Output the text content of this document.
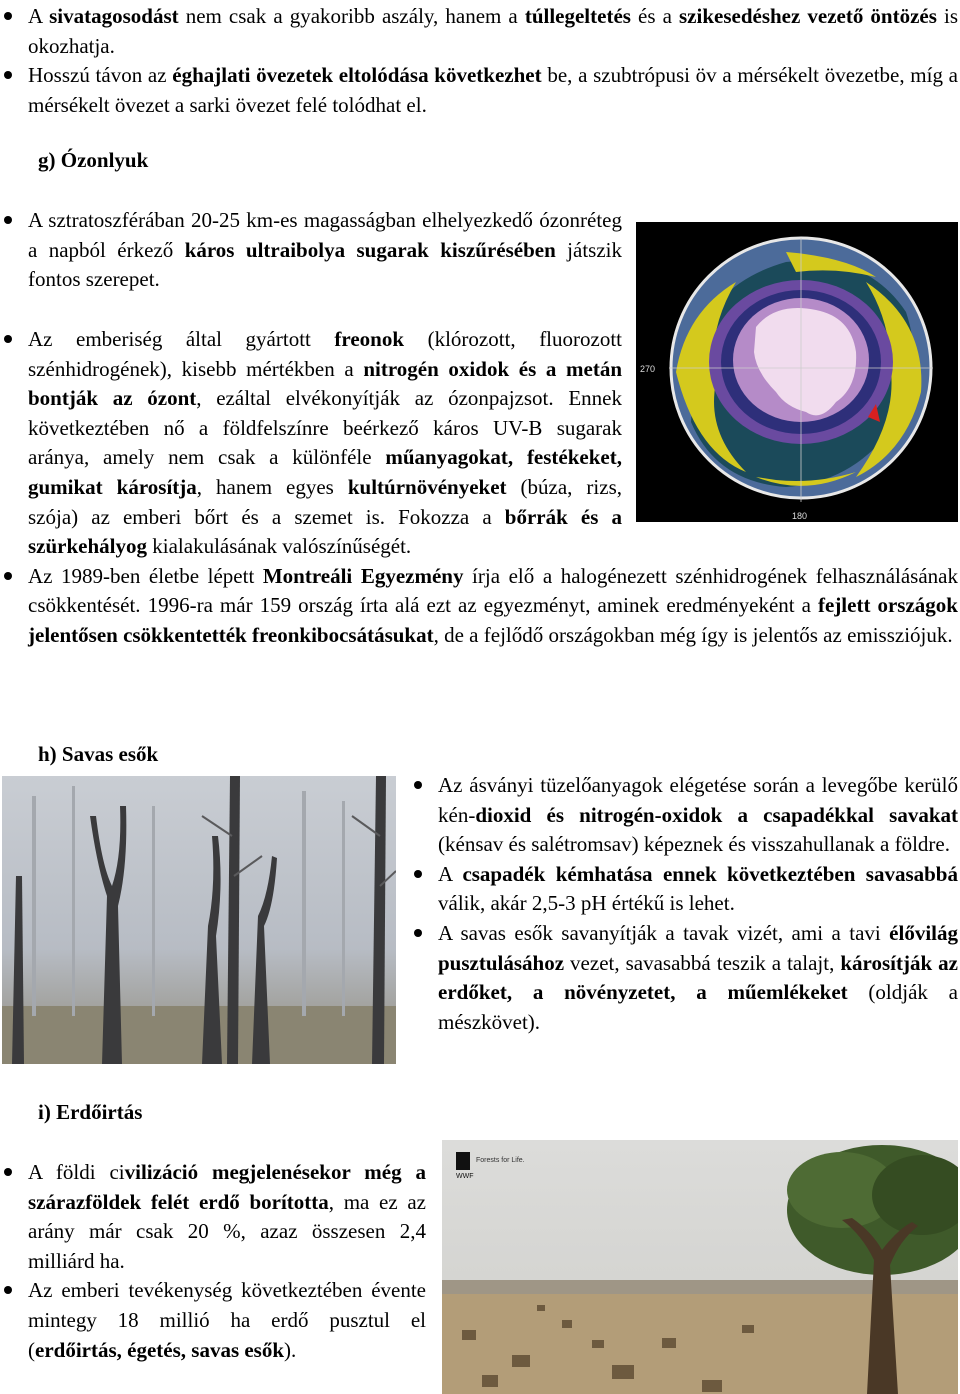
A sivatagosodást nem csak a gyakoribb aszály, hanem a túllegeltetés és a szikesedéshez vezető öntözés is okozhatja.

Hosszú távon az éghajlati övezetek eltolódása következhet be, a szubtrópusi öv a mérsékelt övezetbe, míg a mérsékelt övezet a sarki övezet felé tolódhat el.

g) Ózonlyuk
270
180

A sztratoszférában 20-25 km-es magasságban elhelyezkedő ózonréteg a napból érkező káros ultraibolya sugarak kiszűrésében játszik fontos szerepet.

Az emberiség által gyártott freonok (klórozott, fluorozott szénhidrogének), kisebb mértékben a nitrogén oxidok és a metán bontják az ózont, ezáltal elvékonyítják az ózonpajzsot. Ennek következtében nő a földfelszínre beérkező káros UV-B sugarak aránya, amely nem csak a különféle műanyagokat, festékeket, gumikat károsítja, hanem egyes kultúrnövényeket (búza, rizs, szója) az emberi bőrt és a szemet is. Fokozza a bőrrák és a szürkehályog kialakulásának valószínűségét.

Az 1989-ben életbe lépett Montreáli Egyezmény írja elő a halogénezett szénhidrogének felhasználásának csökkentését. 1996-ra már 159 ország írta alá ezt az egyezményt, aminek eredményeként a fejlett országok jelentősen csökkentették freonkibocsátásukat, de a fejlődő országokban még így is jelentős az emissziójuk.

h) Savas esők

Az ásványi tüzelőanyagok elégetése során a levegőbe kerülő kén-dioxid és nitrogén-oxidok a csapadékkal savakat (kénsav és salétromsav) képeznek és visszahullanak a földre.

A csapadék kémhatása ennek következtében savasabbá válik, akár 2,5-3 pH értékű is lehet.

A savas esők savanyítják a tavak vizét, ami a tavi élővilág pusztulásához vezet, savasabbá teszik a talajt, károsítják az erdőket, a növényzetet, a műemlékeket (oldják a mészkövet).

i) Erdőirtás

A földi civilizáció megjelenésekor még a szárazföldek felét erdő borította, ma ez az arány már csak 20 %, azaz összesen 2,4 milliárd ha.

Az emberi tevékenység következtében évente mintegy 18 millió ha erdő pusztul el (erdőirtás, égetés, savas esők).

WWF
Forests for Life.
